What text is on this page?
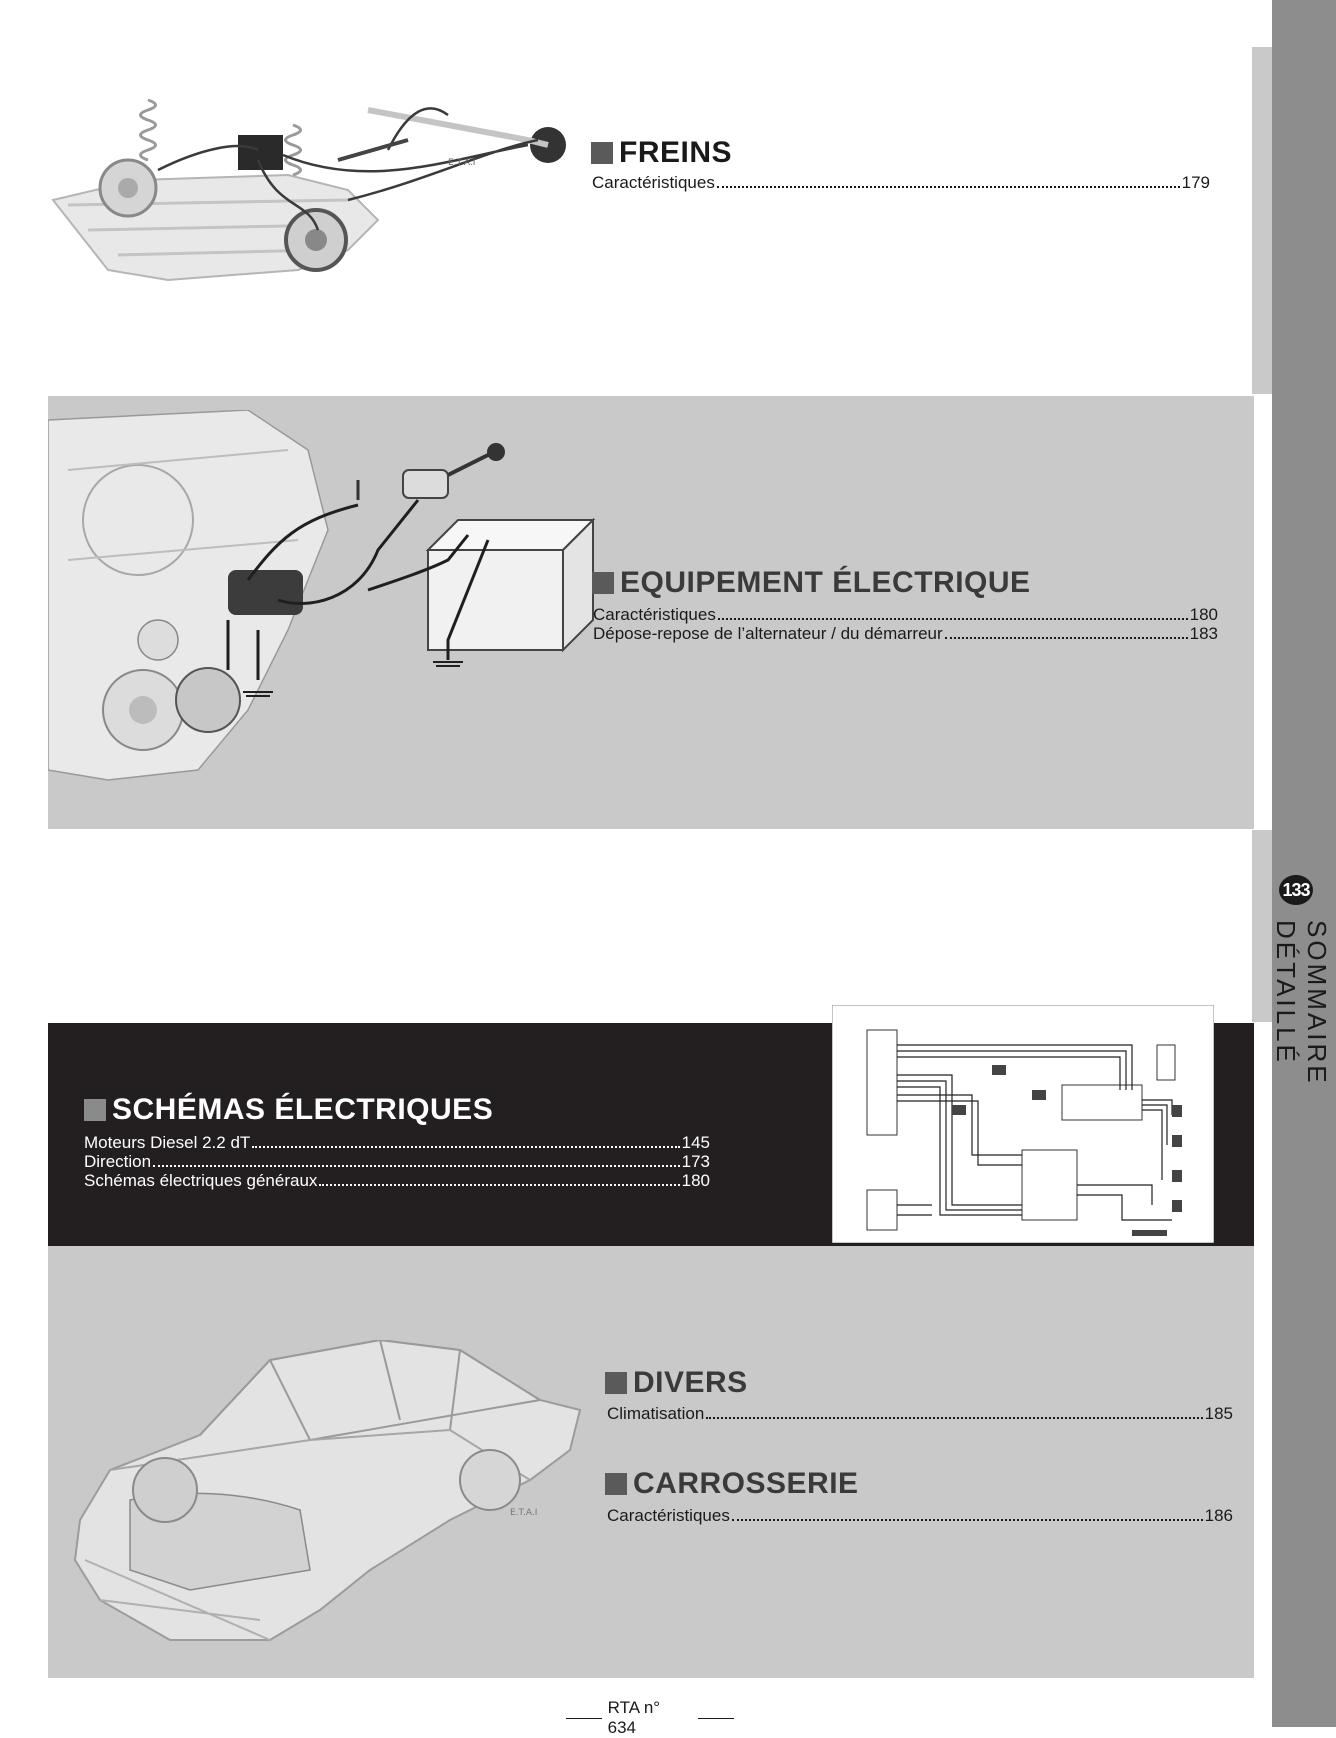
133
SOMMAIRE DÉTAILLÉ
E.T.A.I
E.T.A.I
FREINS
Caractéristiques	179
EQUIPEMENT ÉLECTRIQUE
Caractéristiques	180
Dépose-repose de l’alternateur / du démarreur	183
SCHÉMAS ÉLECTRIQUES
Moteurs Diesel 2.2 dT	145
Direction	173
Schémas électriques généraux	180
DIVERS
Climatisation	185
CARROSSERIE
Caractéristiques	186
RTA n° 634
